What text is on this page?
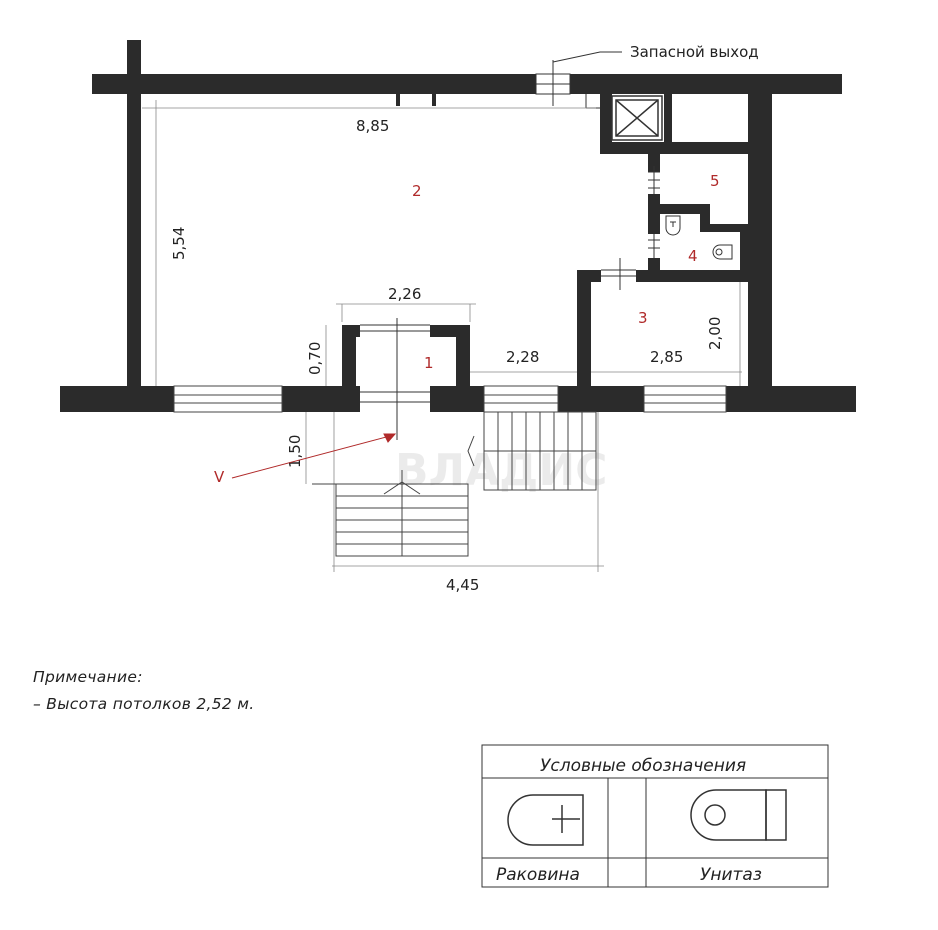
ВЛАДИС
Запасной выход
8,85
5,54
2,26
0,70	2,28	2,85
2,00
1,50
4,45
2
1
3
4
5
V
Условные обозначения
Раковина	Унитаз
Примечание:
– Высота потолков 2,52 м.
